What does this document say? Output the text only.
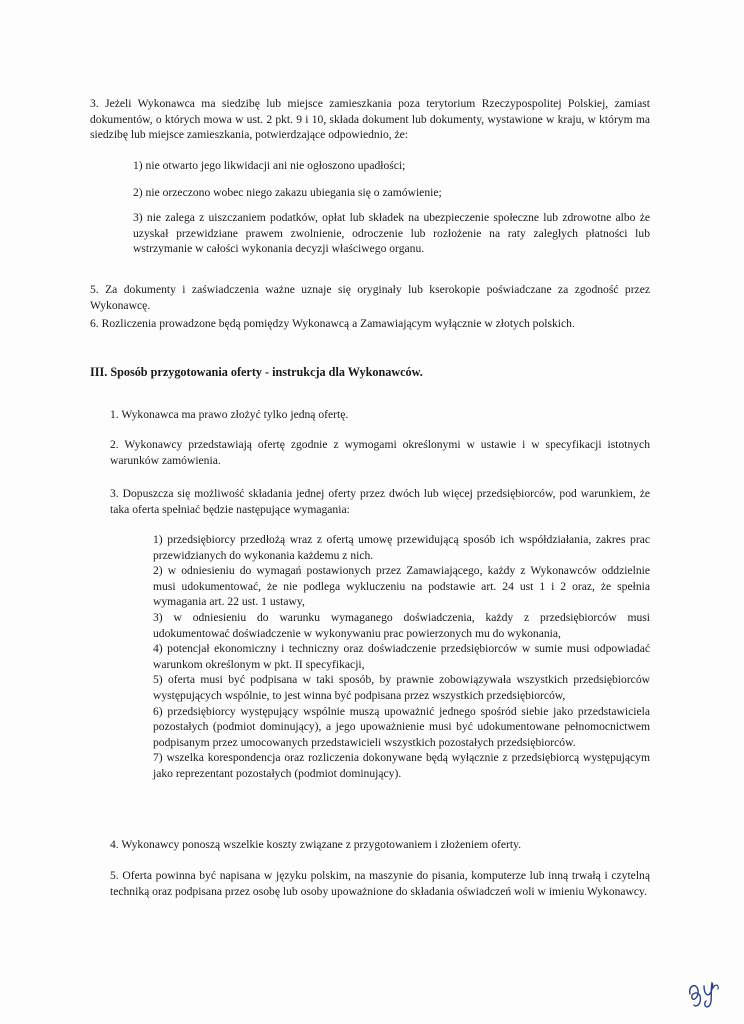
3. Jeżeli Wykonawca ma siedzibę lub miejsce zamieszkania poza terytorium Rzeczypospolitej Polskiej, zamiast dokumentów, o których mowa w ust. 2 pkt. 9 i 10, składa dokument lub dokumenty, wystawione w kraju, w którym ma siedzibę lub miejsce zamieszkania, potwierdzające odpowiednio, że:

1) nie otwarto jego likwidacji ani nie ogłoszono upadłości;

2) nie orzeczono wobec niego zakazu ubiegania się o zamówienie;

3) nie zalega z uiszczaniem podatków, opłat lub składek na ubezpieczenie społeczne lub zdrowotne albo że uzyskał przewidziane prawem zwolnienie, odroczenie lub rozłożenie na raty zaległych płatności lub wstrzymanie w całości wykonania decyzji właściwego organu.

5. Za dokumenty i zaświadczenia ważne uznaje się oryginały lub kserokopie poświadczane za zgodność przez Wykonawcę.

6. Rozliczenia prowadzone będą pomiędzy Wykonawcą a Zamawiającym wyłącznie w złotych polskich.

III. Sposób przygotowania oferty - instrukcja dla Wykonawców.

1. Wykonawca ma prawo złożyć tylko jedną ofertę.

2. Wykonawcy przedstawiają ofertę zgodnie z wymogami określonymi w ustawie i w specyfikacji istotnych warunków zamówienia.

3. Dopuszcza się możliwość składania jednej oferty przez dwóch lub więcej przedsiębiorców, pod warunkiem, że taka oferta spełniać będzie następujące wymagania:

1) przedsiębiorcy przedłożą wraz z ofertą umowę przewidującą sposób ich współdziałania, zakres prac przewidzianych do wykonania każdemu z nich.

2) w odniesieniu do wymagań postawionych przez Zamawiającego, każdy z Wykonawców oddzielnie musi udokumentować, że nie podlega wykluczeniu na podstawie art. 24 ust 1 i 2 oraz, że spełnia wymagania art. 22 ust. 1 ustawy,

3) w odniesieniu do warunku wymaganego doświadczenia, każdy z przedsiębiorców musi udokumentować doświadczenie w wykonywaniu prac powierzonych mu do wykonania,

4) potencjał ekonomiczny i techniczny oraz doświadczenie przedsiębiorców w sumie musi odpowiadać warunkom określonym w pkt. II specyfikacji,

5) oferta musi być podpisana w taki sposób, by prawnie zobowiązywała wszystkich przedsiębiorców występujących wspólnie, to jest winna być podpisana przez wszystkich przedsiębiorców,

6) przedsiębiorcy występujący wspólnie muszą upoważnić jednego spośród siebie jako przedstawiciela pozostałych (podmiot dominujący), a jego upoważnienie musi być udokumentowane pełnomocnictwem podpisanym przez umocowanych przedstawicieli wszystkich pozostałych przedsiębiorców.

7) wszelka korespondencja oraz rozliczenia dokonywane będą wyłącznie z przedsiębiorcą występującym jako reprezentant pozostałych (podmiot dominujący).

4. Wykonawcy ponoszą wszelkie koszty związane z przygotowaniem i złożeniem oferty.

5. Oferta powinna być napisana w języku polskim, na maszynie do pisania, komputerze lub inną trwałą i czytelną techniką oraz podpisana przez osobę lub osoby upoważnione do składania oświadczeń woli w imieniu Wykonawcy.
